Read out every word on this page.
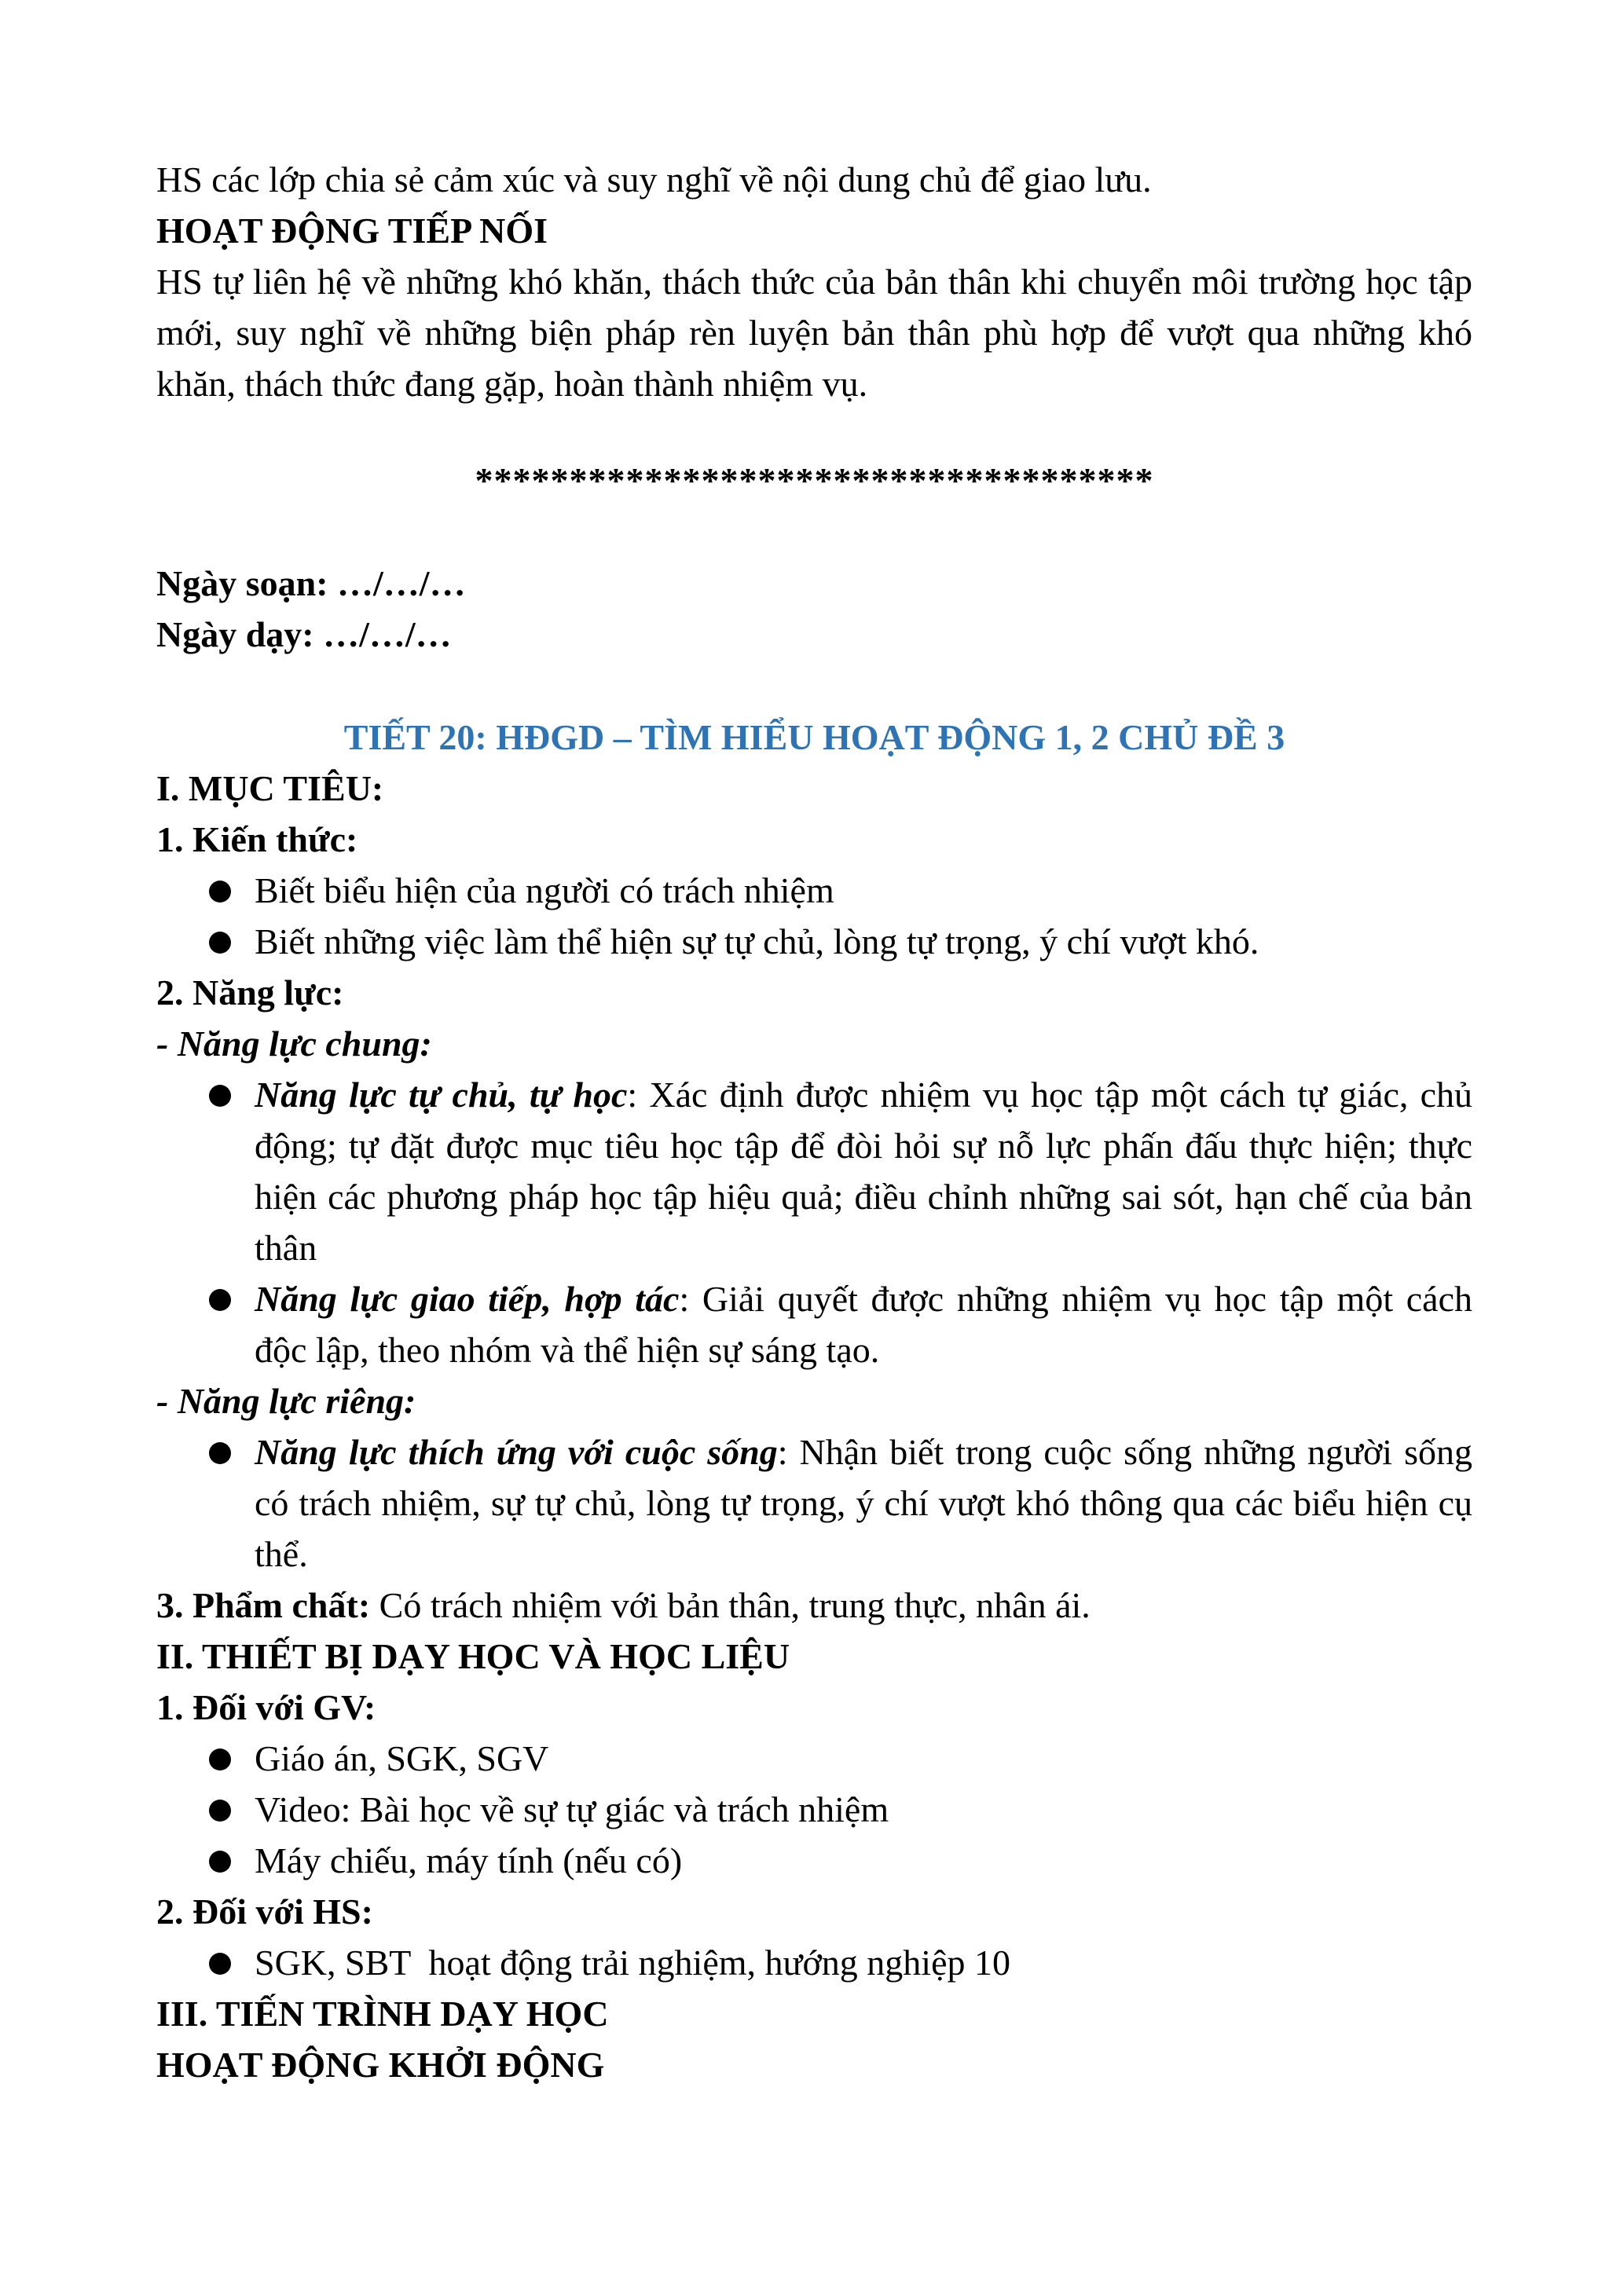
HS các lớp chia sẻ cảm xúc và suy nghĩ về nội dung chủ để giao lưu.

HOẠT ĐỘNG TIẾP NỐI

HS tự liên hệ về những khó khăn, thách thức của bản thân khi chuyển môi trường học tập mới, suy nghĩ về những biện pháp rèn luyện bản thân phù hợp để vượt qua những khó khăn, thách thức đang gặp, hoàn thành nhiệm vụ.

************************************

Ngày soạn: …/…/…

Ngày dạy: …/…/…

TIẾT 20: HĐGD – TÌM HIỂU HOẠT ĐỘNG 1, 2 CHỦ ĐỀ 3

I. MỤC TIÊU:

1. Kiến thức:

Biết biểu hiện của người có trách nhiệm
Biết những việc làm thể hiện sự tự chủ, lòng tự trọng, ý chí vượt khó.

2. Năng lực:

- Năng lực chung:

Năng lực tự chủ, tự học: Xác định được nhiệm vụ học tập một cách tự giác, chủ động; tự đặt được mục tiêu học tập để đòi hỏi sự nỗ lực phấn đấu thực hiện; thực hiện các phương pháp học tập hiệu quả; điều chỉnh những sai sót, hạn chế của bản thân
Năng lực giao tiếp, hợp tác: Giải quyết được những nhiệm vụ học tập một cách độc lập, theo nhóm và thể hiện sự sáng tạo.

- Năng lực riêng:

Năng lực thích ứng với cuộc sống: Nhận biết trong cuộc sống những người sống có trách nhiệm, sự tự chủ, lòng tự trọng, ý chí vượt khó thông qua các biểu hiện cụ thể.

3. Phẩm chất: Có trách nhiệm với bản thân, trung thực, nhân ái.

II. THIẾT BỊ DẠY HỌC VÀ HỌC LIỆU

1. Đối với GV:

Giáo án, SGK, SGV
Video: Bài học về sự tự giác và trách nhiệm
Máy chiếu, máy tính (nếu có)

2. Đối với HS:

SGK, SBT  hoạt động trải nghiệm, hướng nghiệp 10

III. TIẾN TRÌNH DẠY HỌC

HOẠT ĐỘNG KHỞI ĐỘNG
